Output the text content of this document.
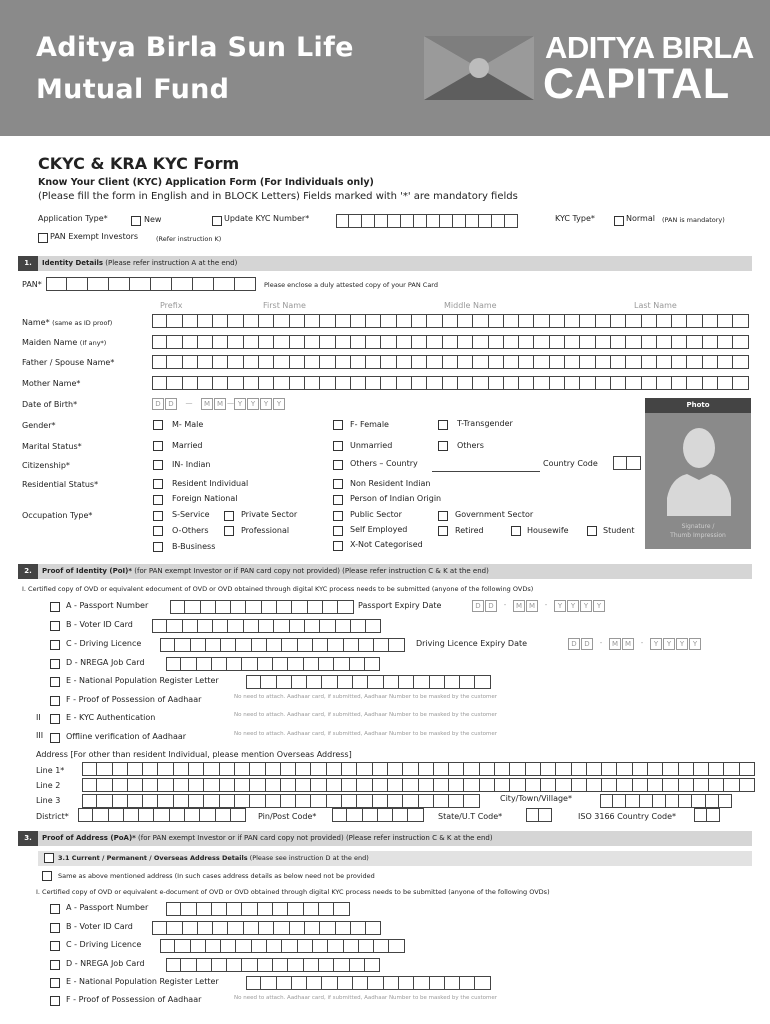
Aditya Birla Sun Life
Mutual Fund
ADITYA BIRLA
CAPITAL
CKYC & KRA KYC Form
Know Your Client (KYC) Application Form (For Individuals only)
(Please fill the form in English and in BLOCK Letters) Fields marked with '*' are mandatory fields
Application Type*	New	Update KYC Number*	KYC Type*	Normal (PAN is mandatory)
PAN Exempt Investors	(Refer instruction K)
1.	Identity Details (Please refer instruction A at the end)
PAN*	Please enclose a duly attested copy of your PAN Card
Prefix	First Name	Middle Name	Last Name
Name* (same as ID proof)
Maiden Name (If any*)
Father / Spouse Name*
Mother Name*
Date of Birth*	D	D	—	M M — Y	Y	Y	Y	Photo
Signature /
Thumb Impression
Gender*	M- Male	F- Female	T-Transgender
Marital Status*	Married	Unmarried	Others
Citizenship*	IN- Indian	Others – Country	Country Code
Residential Status*	Resident Individual	Non Resident Indian
Foreign National	Person of Indian Origin
Occupation Type*	S-Service	Private Sector	Public Sector	Government Sector
O-Others	Professional	Self Employed	Retired	Housewife	Student
B-Business	X-Not Categorised
2.	Proof of Identity (PoI)* (for PAN exempt Investor or if PAN card copy not provided) (Please refer instruction C & K at the end)
I. Certified copy of OVD or equivalent edocument of OVD or OVD obtained through digital KYC process needs to be submitted (anyone of the following OVDs)
A - Passport Number	Passport Expiry Date	D	D	-	M M	-	Y	Y	Y	Y
B - Voter ID Card
C - Driving Licence	Driving Licence Expiry Date	D	D	-	M M	-	Y	Y	Y	Y
D - NREGA Job Card
E - National Population Register Letter
F - Proof of Possession of Aadhaar	No need to attach. Aadhaar card, if submitted, Aadhaar Number to be masked by the customer
II	E - KYC Authentication	No need to attach. Aadhaar card, if submitted, Aadhaar Number to be masked by the customer
III	Offline verification of Aadhaar	No need to attach. Aadhaar card, if submitted, Aadhaar Number to be masked by the customer
Address [For other than resident Individual, please mention Overseas Address]
Line 1*
Line 2
Line 3	City/Town/Village*
District*	Pin/Post Code*	State/U.T Code*	ISO 3166 Country Code*
3.	Proof of Address (PoA)* (for PAN exempt Investor or if PAN card copy not provided) (Please refer instruction C & K at the end)
3.1 Current / Permanent / Overseas Address Details (Please see instruction D at the end)
Same as above mentioned address (In such cases address details as below need not be provided
I. Certified copy of OVD or equivalent e-document of OVD or OVD obtained through digital KYC process needs to be submitted (anyone of the following OVDs)
A - Passport Number
B - Voter ID Card
C - Driving Licence
D - NREGA Job Card
E - National Population Register Letter
F - Proof of Possession of Aadhaar	No need to attach. Aadhaar card, if submitted, Aadhaar Number to be masked by the customer
